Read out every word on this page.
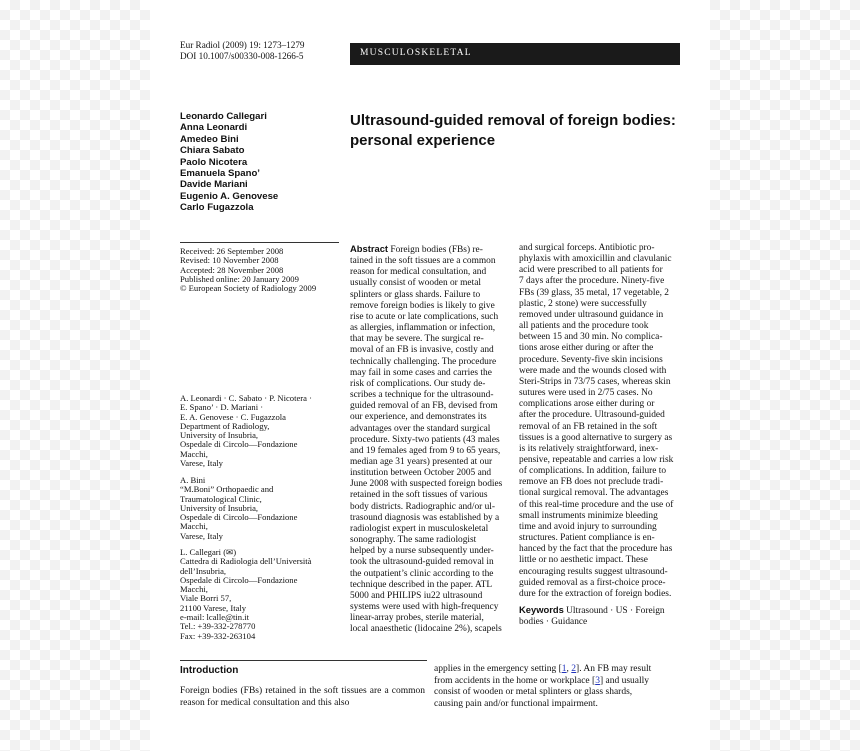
Eur Radiol (2009) 19: 1273–1279
DOI 10.1007/s00330-008-1266-5	MUSCULOSKELETAL
Leonardo Callegari
Anna Leonardi
Amedeo Bini
Chiara Sabato
Paolo Nicotera
Emanuela Spano’
Davide Mariani
Eugenio A. Genovese
Carlo Fugazzola
Ultrasound-guided removal of foreign bodies:
personal experience
Received: 26 September 2008
Revised: 10 November 2008
Accepted: 28 November 2008
Published online: 20 January 2009
© European Society of Radiology 2009
A. Leonardi · C. Sabato · P. Nicotera ·
E. Spano’ · D. Mariani ·
E. A. Genovese · C. Fugazzola
Department of Radiology,
University of Insubria,
Ospedale di Circolo—Fondazione
Macchi,
Varese, Italy
A. Bini
“M.Boni” Orthopaedic and
Traumatological Clinic,
University of Insubria,
Ospedale di Circolo—Fondazione
Macchi,
Varese, Italy
L. Callegari (✉)
Cattedra di Radiologia dell’Università
dell’Insubria,
Ospedale di Circolo—Fondazione
Macchi,
Viale Borri 57,
21100 Varese, Italy
e-mail: lcalle@tin.it
Tel.: +39-332-278770
Fax: +39-332-263104
Abstract Foreign bodies (FBs) re-
tained in the soft tissues are a common
reason for medical consultation, and
usually consist of wooden or metal
splinters or glass shards. Failure to
remove foreign bodies is likely to give
rise to acute or late complications, such
as allergies, inflammation or infection,
that may be severe. The surgical re-
moval of an FB is invasive, costly and
technically challenging. The procedure
may fail in some cases and carries the
risk of complications. Our study de-
scribes a technique for the ultrasound-
guided removal of an FB, devised from
our experience, and demonstrates its
advantages over the standard surgical
procedure. Sixty-two patients (43 males
and 19 females aged from 9 to 65 years,
median age 31 years) presented at our
institution between October 2005 and
June 2008 with suspected foreign bodies
retained in the soft tissues of various
body districts. Radiographic and/or ul-
trasound diagnosis was established by a
radiologist expert in musculoskeletal
sonography. The same radiologist
helped by a nurse subsequently under-
took the ultrasound-guided removal in
the outpatient’s clinic according to the
technique described in the paper. ATL
5000 and PHILIPS iu22 ultrasound
systems were used with high-frequency
linear-array probes, sterile material,
local anaesthetic (lidocaine 2%), scapels
and surgical forceps. Antibiotic pro-
phylaxis with amoxicillin and clavulanic
acid were prescribed to all patients for
7 days after the procedure. Ninety-five
FBs (39 glass, 35 metal, 17 vegetable, 2
plastic, 2 stone) were successfully
removed under ultrasound guidance in
all patients and the procedure took
between 15 and 30 min. No complica-
tions arose either during or after the
procedure. Seventy-five skin incisions
were made and the wounds closed with
Steri-Strips in 73/75 cases, whereas skin
sutures were used in 2/75 cases. No
complications arose either during or
after the procedure. Ultrasound-guided
removal of an FB retained in the soft
tissues is a good alternative to surgery as
is its relatively straightforward, inex-
pensive, repeatable and carries a low risk
of complications. In addition, failure to
remove an FB does not preclude tradi-
tional surgical removal. The advantages
of this real-time procedure and the use of
small instruments minimize bleeding
time and avoid injury to surrounding
structures. Patient compliance is en-
hanced by the fact that the procedure has
little or no aesthetic impact. These
encouraging results suggest ultrasound-
guided removal as a first-choice proce-
dure for the extraction of foreign bodies.
Keywords Ultrasound · US · Foreign
bodies · Guidance
Introduction
Foreign bodies (FBs) retained in the soft tissues are a common reason for medical consultation and this also
applies in the emergency setting [1, 2]. An FB may result
from accidents in the home or workplace [3] and usually
consist of wooden or metal splinters or glass shards,
causing pain and/or functional impairment.
